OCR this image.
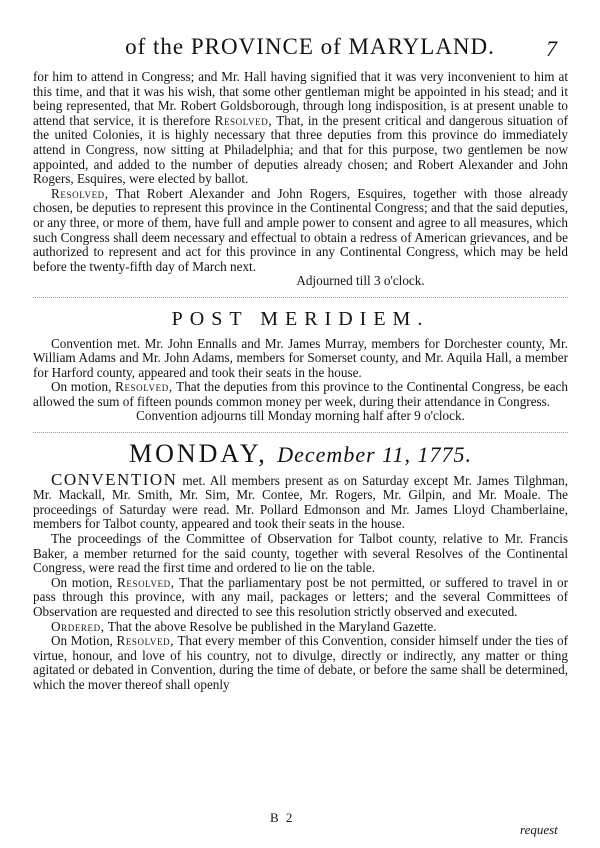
of the PROVINCE of MARYLAND.	7

for him to attend in Congress; and Mr. Hall having signified that it was very inconvenient to him at this time, and that it was his wish, that some other gentleman might be appointed in his stead; and it being represented, that Mr. Robert Goldsborough, through long indisposition, is at present unable to attend that service, it is therefore Resolved, That, in the present critical and dangerous situation of the united Colonies, it is highly necessary that three deputies from this province do immediately attend in Congress, now sitting at Philadelphia; and that for this purpose, two gentlemen be now appointed, and added to the number of deputies already chosen; and Robert Alexander and John Rogers, Esquires, were elected by ballot.

Resolved, That Robert Alexander and John Rogers, Esquires, together with those already chosen, be deputies to represent this province in the Continental Congress; and that the said deputies, or any three, or more of them, have full and ample power to consent and agree to all measures, which such Congress shall deem necessary and effectual to obtain a redress of American grievances, and be authorized to represent and act for this province in any Continental Congress, which may be held before the twenty-fifth day of March next.

Adjourned till 3 o'clock.

POST MERIDIEM.

Convention met. Mr. John Ennalls and Mr. James Murray, members for Dorchester county, Mr. William Adams and Mr. John Adams, members for Somerset county, and Mr. Aquila Hall, a member for Harford county, appeared and took their seats in the house.

On motion, Resolved, That the deputies from this province to the Continental Congress, be each allowed the sum of fifteen pounds common money per week, during their attendance in Congress.

Convention adjourns till Monday morning half after 9 o'clock.

MONDAY, December 11, 1775.

CONVENTION met. All members present as on Saturday except Mr. James Tilghman, Mr. Mackall, Mr. Smith, Mr. Sim, Mr. Contee, Mr. Rogers, Mr. Gilpin, and Mr. Moale. The proceedings of Saturday were read. Mr. Pollard Edmonson and Mr. James Lloyd Chamberlaine, members for Talbot county, appeared and took their seats in the house.

The proceedings of the Committee of Observation for Talbot county, relative to Mr. Francis Baker, a member returned for the said county, together with several Resolves of the Continental Congress, were read the first time and ordered to lie on the table.

On motion, Resolved, That the parliamentary post be not permitted, or suffered to travel in or pass through this province, with any mail, packages or letters; and the several Committees of Observation are requested and directed to see this resolution strictly observed and executed.

Ordered, That the above Resolve be published in the Maryland Gazette.

On Motion, Resolved, That every member of this Convention, consider himself under the ties of virtue, honour, and love of his country, not to divulge, directly or indirectly, any matter or thing agitated or debated in Convention, during the time of debate, or before the same shall be determined, which the mover thereof shall openly

B 2
request
